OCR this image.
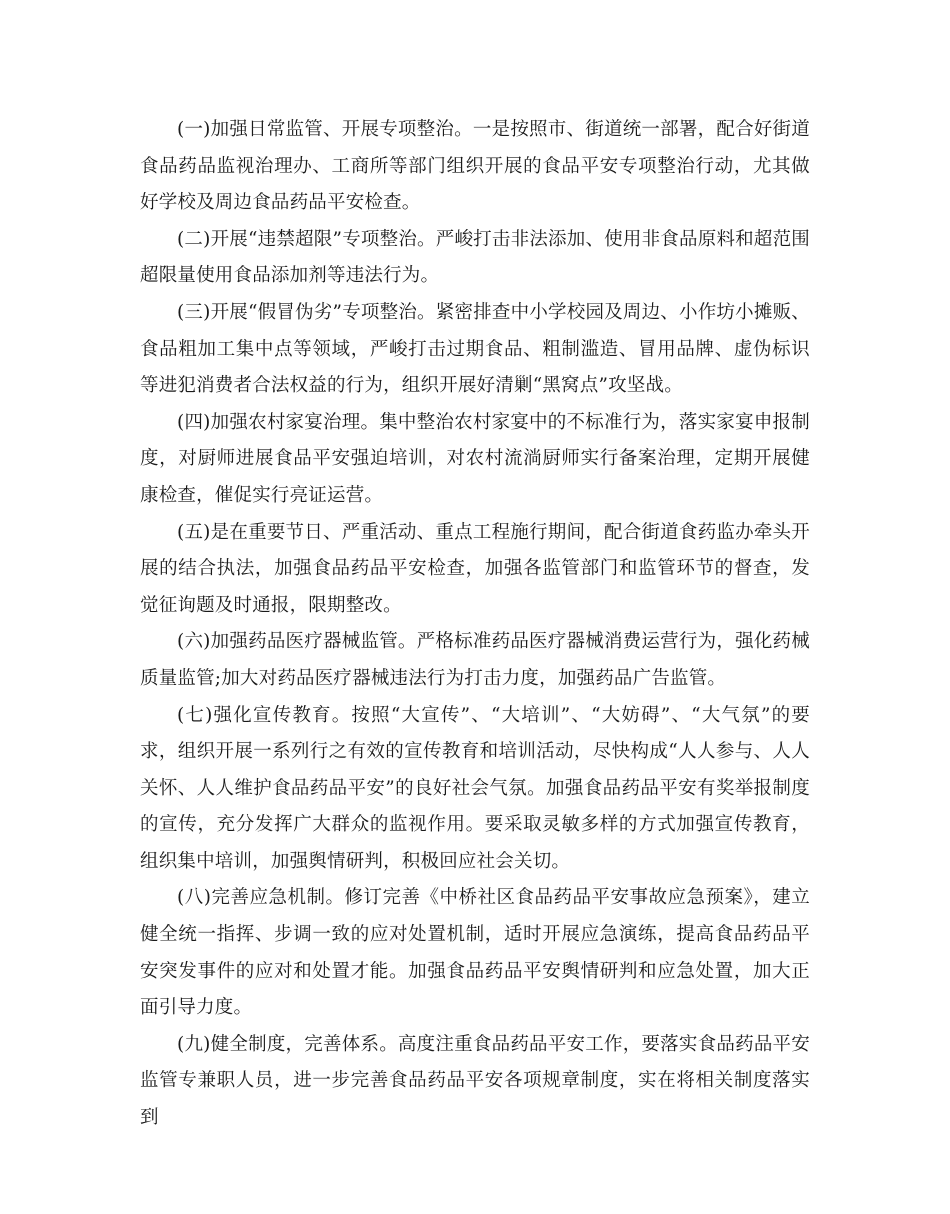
(一)加强日常监管、开展专项整治。一是按照市、街道统一部署，配合好街道食品药品监视治理办、工商所等部门组织开展的食品平安专项整治行动，尤其做好学校及周边食品药品平安检查。

(二)开展“违禁超限”专项整治。严峻打击非法添加、使用非食品原料和超范围超限量使用食品添加剂等违法行为。

(三)开展“假冒伪劣”专项整治。紧密排查中小学校园及周边、小作坊小摊贩、食品粗加工集中点等领域，严峻打击过期食品、粗制滥造、冒用品牌、虚伪标识等进犯消费者合法权益的行为，组织开展好清剿“黑窝点”攻坚战。

(四)加强农村家宴治理。集中整治农村家宴中的不标准行为，落实家宴申报制度，对厨师进展食品平安强迫培训，对农村流淌厨师实行备案治理，定期开展健康检查，催促实行亮证运营。

(五)是在重要节日、严重活动、重点工程施行期间，配合街道食药监办牵头开展的结合执法，加强食品药品平安检查，加强各监管部门和监管环节的督查，发觉征询题及时通报，限期整改。

(六)加强药品医疗器械监管。严格标准药品医疗器械消费运营行为，强化药械质量监管;加大对药品医疗器械违法行为打击力度，加强药品广告监管。

(七)强化宣传教育。按照“大宣传”、“大培训”、“大妨碍”、“大气氛”的要求，组织开展一系列行之有效的宣传教育和培训活动，尽快构成“人人参与、人人关怀、人人维护食品药品平安”的良好社会气氛。加强食品药品平安有奖举报制度的宣传，充分发挥广大群众的监视作用。要采取灵敏多样的方式加强宣传教育，组织集中培训，加强舆情研判，积极回应社会关切。

(八)完善应急机制。修订完善《中桥社区食品药品平安事故应急预案》，建立健全统一指挥、步调一致的应对处置机制，适时开展应急演练，提高食品药品平安突发事件的应对和处置才能。加强食品药品平安舆情研判和应急处置，加大正面引导力度。

(九)健全制度，完善体系。高度注重食品药品平安工作，要落实食品药品平安监管专兼职人员，进一步完善食品药品平安各项规章制度，实在将相关制度落实到
